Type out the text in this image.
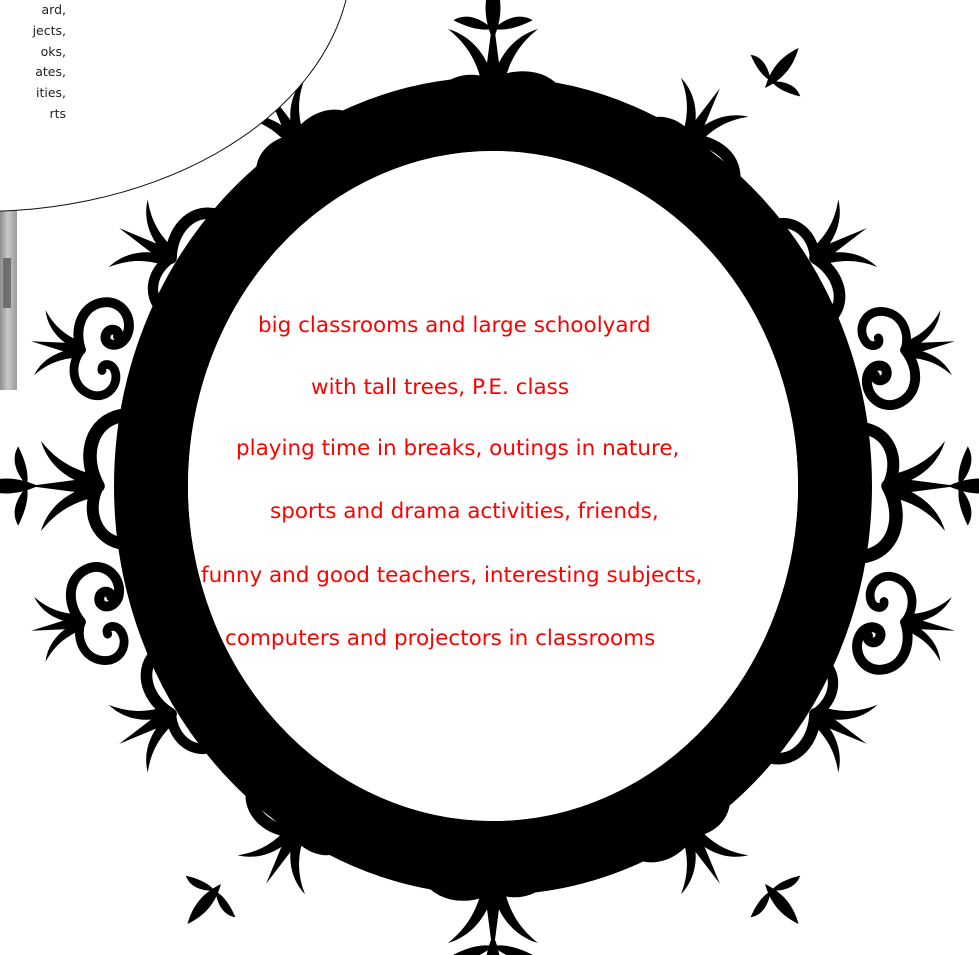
ard,
jects,
oks,
ates,
ities,
rts
big classrooms and large schoolyard
with tall trees, P.E. class
playing time in breaks, outings in nature,
sports and drama activities, friends,
funny and good teachers, interesting subjects,
computers and projectors in classrooms
